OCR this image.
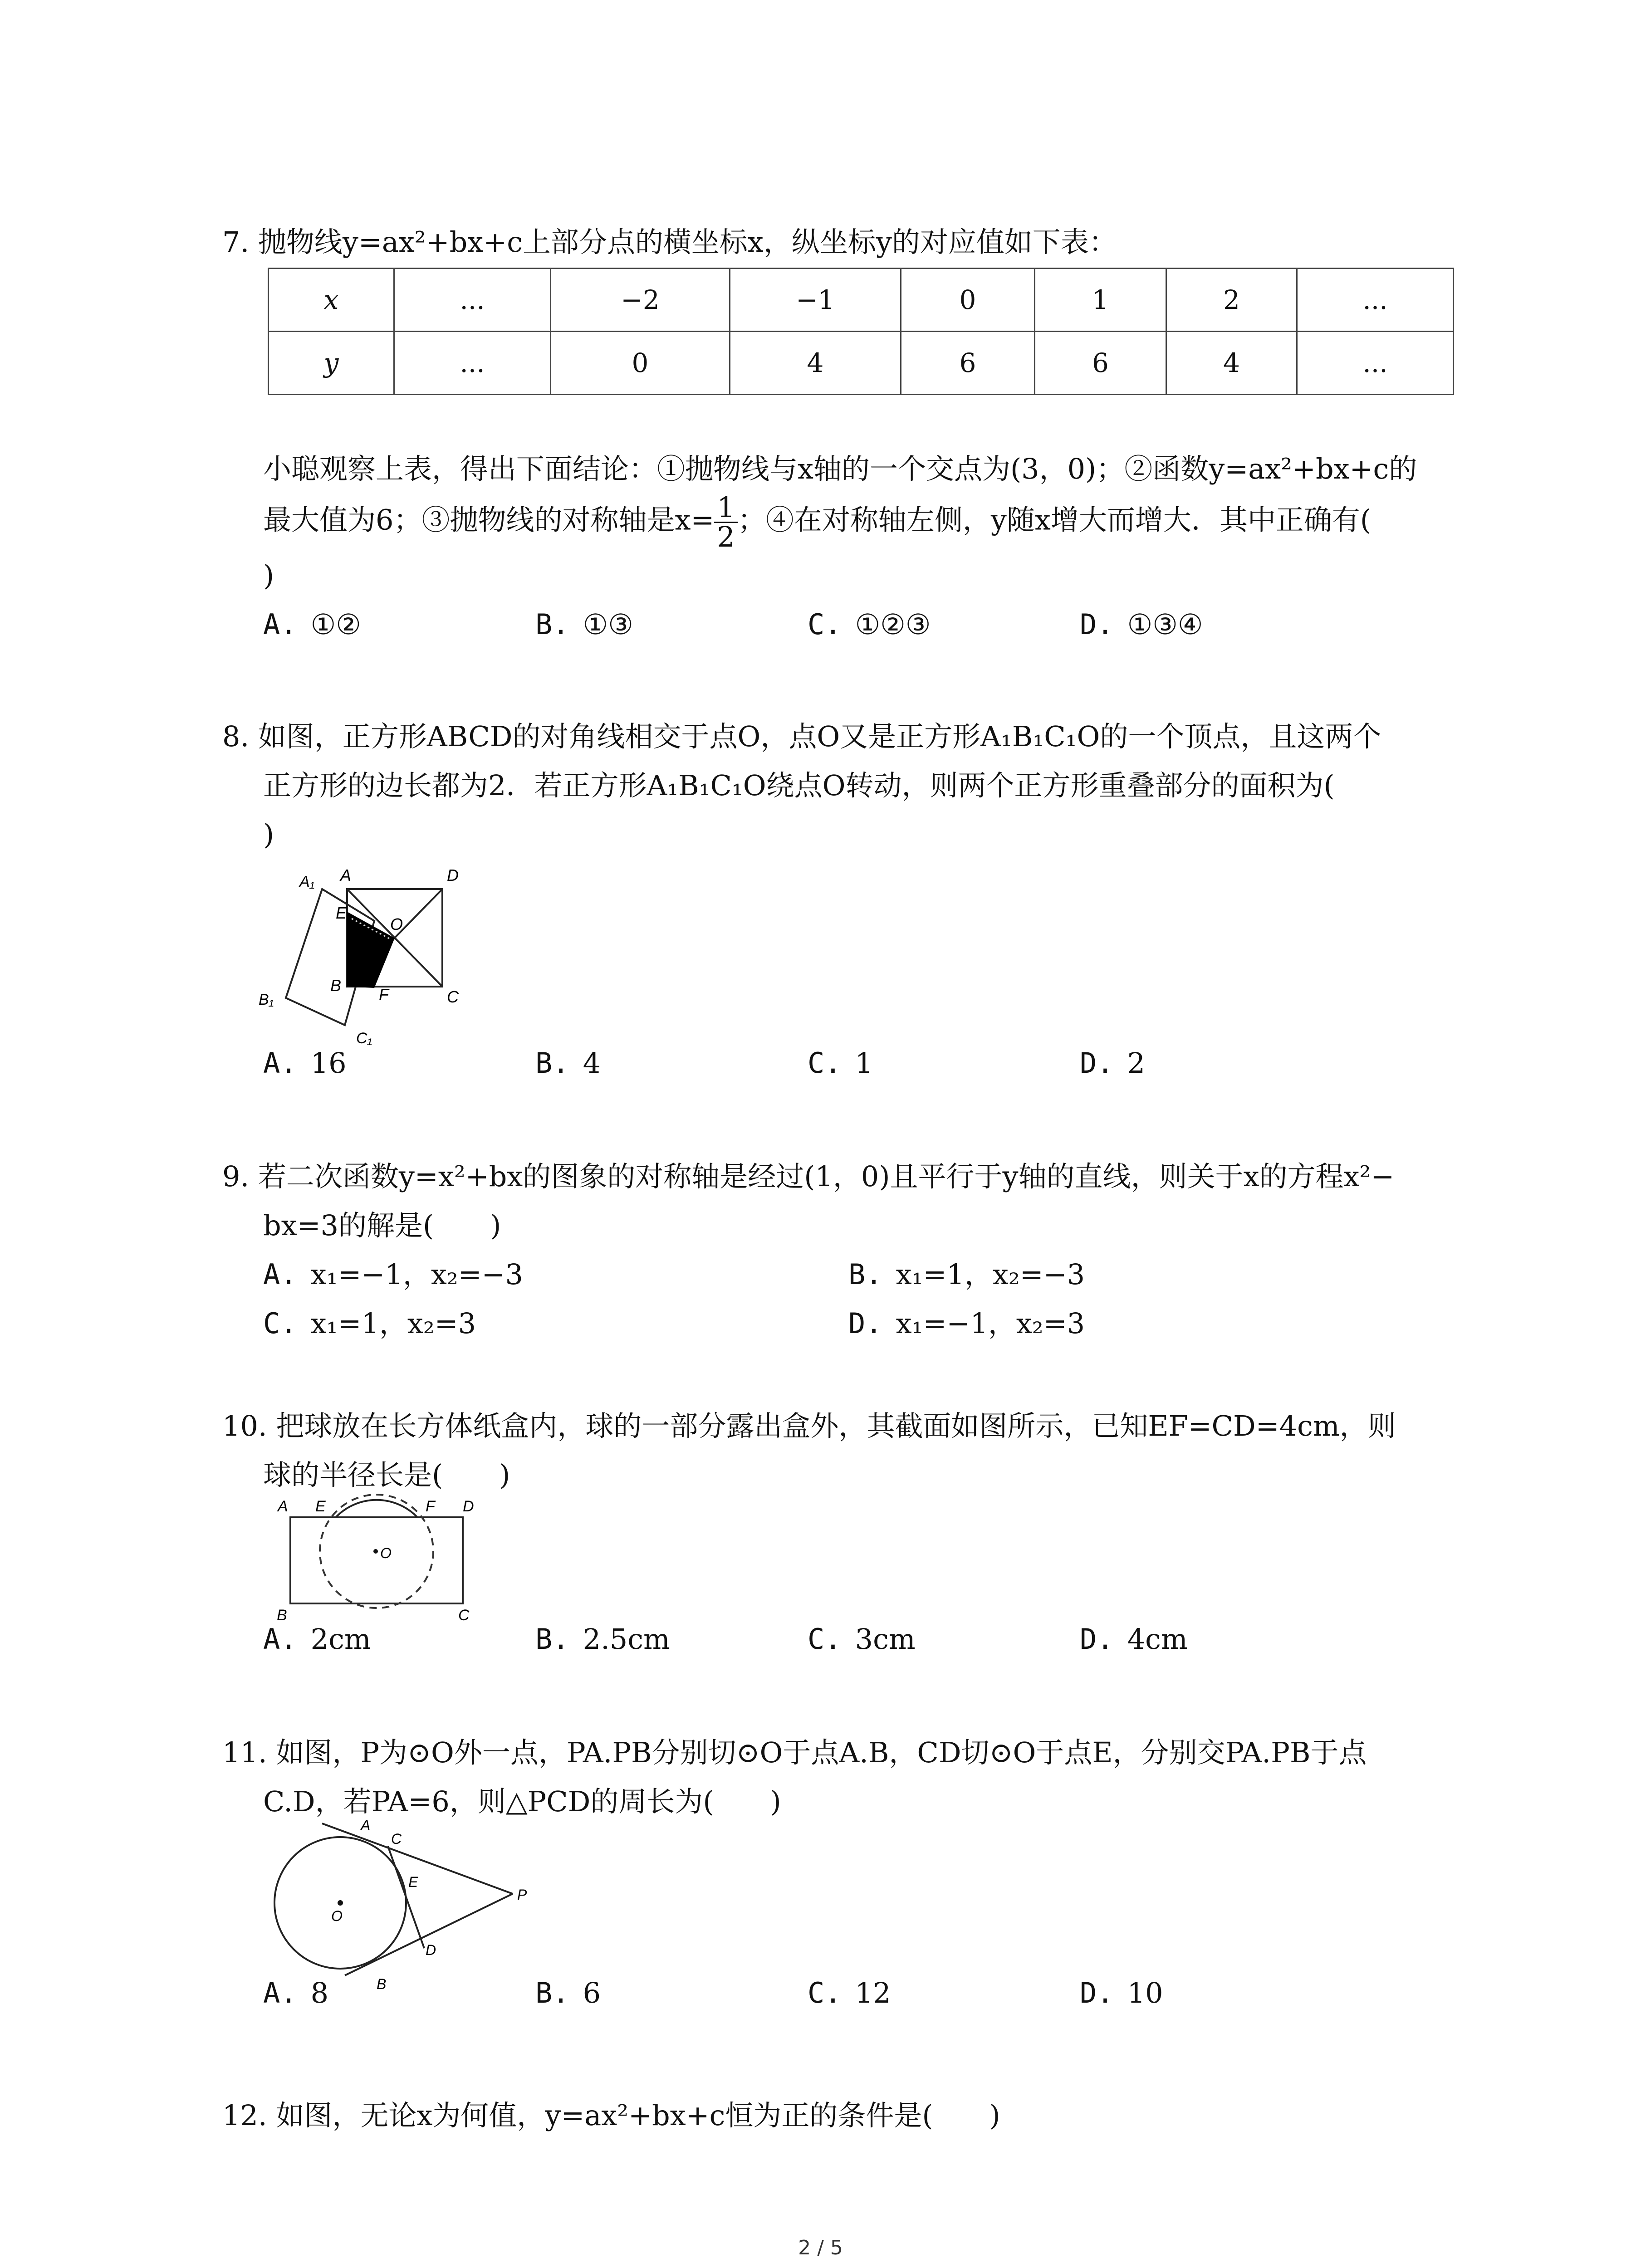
7. 抛物线y=ax²+bx+c上部分点的横坐标x，纵坐标y的对应值如下表：
x	...	−2	−1	0	1	2	...
y	...	0	4	6	6	4	...
小聪观察上表，得出下面结论：①抛物线与x轴的一个交点为(3，0)；②函数y=ax²+bx+c的
最大值为6；③抛物线的对称轴是$x= \frac{1}{2}$ ；④在对称轴左侧，y随x增大而增大．其中正确有(
)
A. ①②	B. ①③	C. ①②③	D. ①③④
8. 如图，正方形ABCD的对角线相交于点O，点O又是正方形A₁B₁C₁O的一个顶点，且这两个
正方形的边长都为2．若正方形A₁B₁C₁O绕点O转动，则两个正方形重叠部分的面积为(
)
A	D
E
O
B F	C
A₁
B₁
C₁
A. 16	B. 4	C. 1	D. 2
9. 若二次函数y=x²+bx的图象的对称轴是经过(1，0)且平行于y轴的直线，则关于x的方程x²−
bx=3的解是(　　)
A. x₁=−1，x₂=−3	B. x₁=1，x₂=−3
C. x₁=1，x₂=3	D. x₁=−1，x₂=3
10. 把球放在长方体纸盒内，球的一部分露出盒外，其截面如图所示，已知EF=CD=4cm，则
球的半径长是(　　)
A E	F D
O
B	C
A. 2cm	B. 2.5cm	C. 3cm	D. 4cm
11. 如图，P为⊙O外一点，PA.PB分别切⊙O于点A.B，CD切⊙O于点E，分别交PA.PB于点
C.D，若PA=6，则△PCD的周长为(　　)
A
C
E
P
O
D
B
A. 8	B. 6	C. 12	D. 10
12. 如图，无论x为何值，y=ax²+bx+c恒为正的条件是(　　)
2 / 5
